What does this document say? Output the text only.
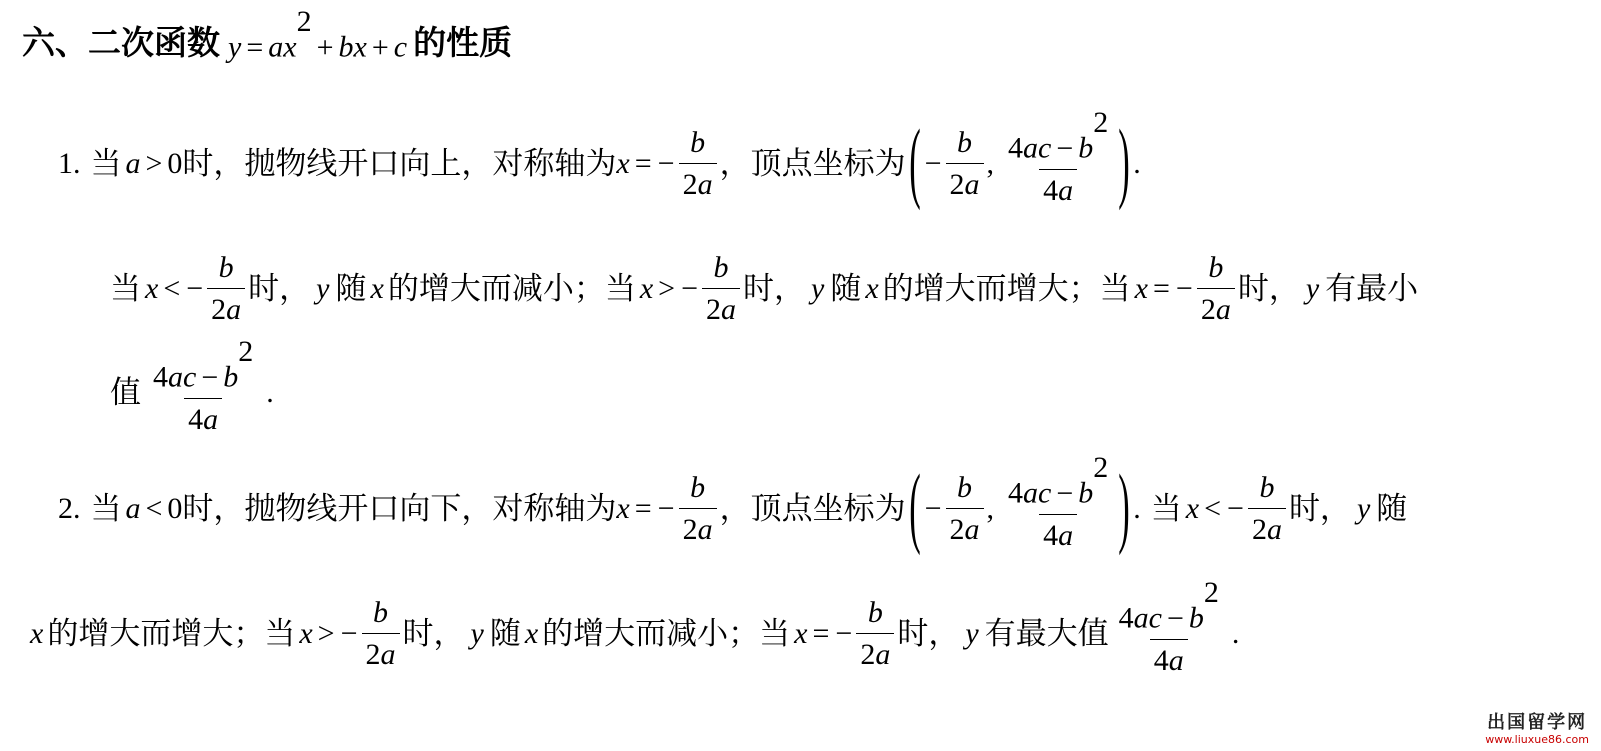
六、二次函数 $y = ax^2+$ bx + c 的性质
1. 当 a > 0 时，抛物线开口向上，对称轴为 x = − $\frac{b}{2a}$ ，顶点坐标为 ( − $\frac{b}{2a}$ , $\frac{4ac - b^2}{4a}$ ) .
当 x < − $\frac{b}{2a}$ 时， y 随 x 的增大而减小；当 x > − $\frac{b}{2a}$ 时， y 随 x 的增大而增大；当 x = − $\frac{b}{2a}$ 时， y 有最小
值 $\frac{4ac - b^2}{4a}$ .
2. 当 a < 0 时，抛物线开口向下，对称轴为 x = − $\frac{b}{2a}$ ，顶点坐标为 ( − $\frac{b}{2a}$ , $\frac{4ac - b^2}{4a}$ ) . 当 x < − $\frac{b}{2a}$ 时， y 随
x 的增大而增大；当 x > − $\frac{b}{2a}$ 时， y 随 x 的增大而减小；当 x = − $\frac{b}{2a}$ 时， y 有最大值 $\frac{4ac - b^2}{4a}$ .
出国留学网
www.liuxue86.com
